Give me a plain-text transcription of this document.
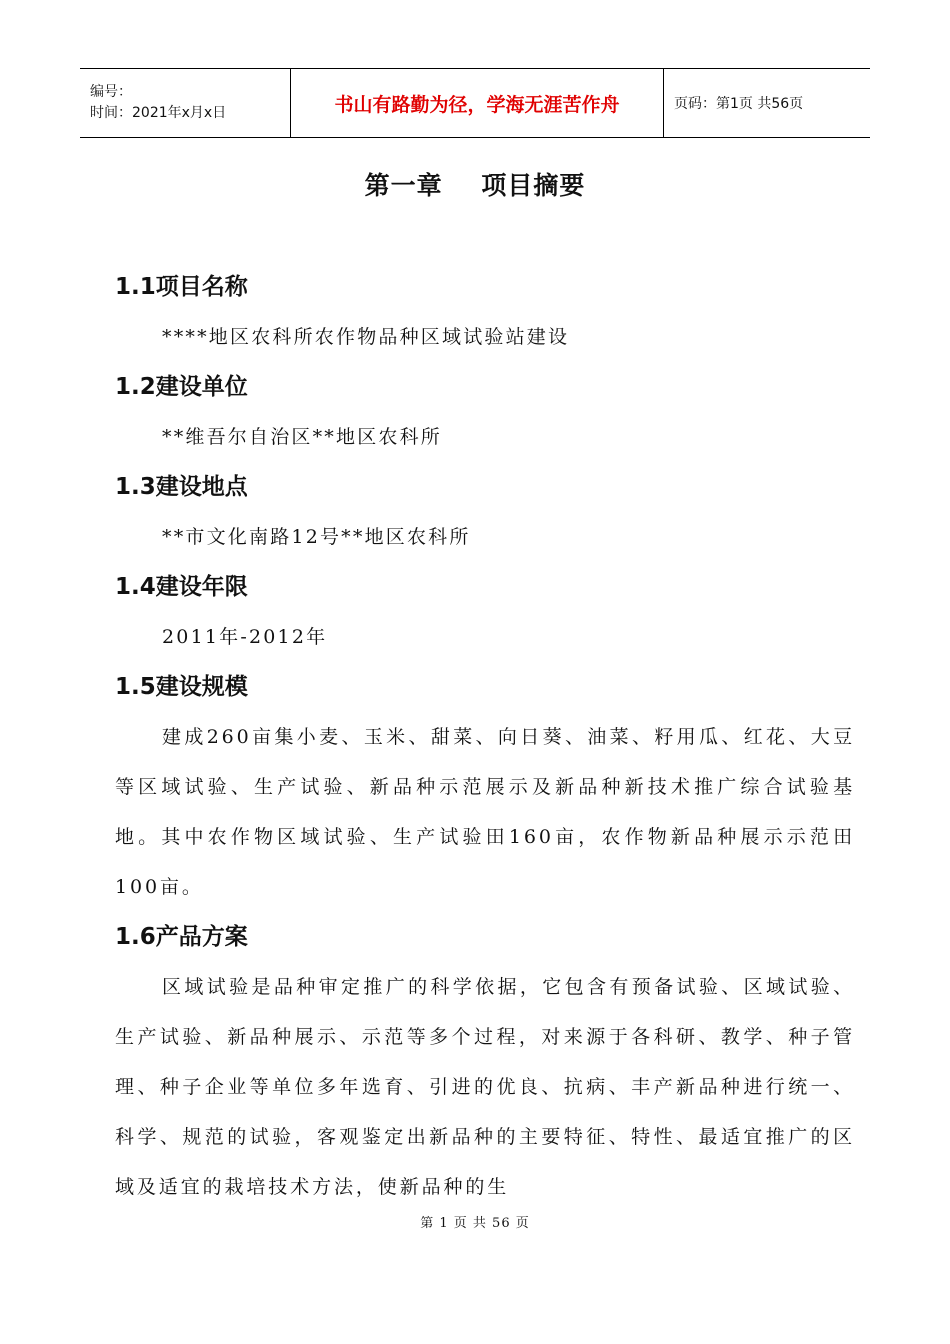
编号：
时间：2021年x月x日	书山有路勤为径，学海无涯苦作舟	页码：第1页 共56页
第一章    项目摘要
1.1项目名称
****地区农科所农作物品种区域试验站建设
1.2建设单位
**维吾尔自治区**地区农科所
1.3建设地点
**市文化南路12号**地区农科所
1.4建设年限
2011年-2012年
1.5建设规模

建成260亩集小麦、玉米、甜菜、向日葵、油菜、籽用瓜、红花、大豆等区域试验、生产试验、新品种示范展示及新品种新技术推广综合试验基地。其中农作物区域试验、生产试验田160亩，农作物新品种展示示范田100亩。

1.6产品方案

区域试验是品种审定推广的科学依据，它包含有预备试验、区域试验、生产试验、新品种展示、示范等多个过程，对来源于各科研、教学、种子管理、种子企业等单位多年选育、引进的优良、抗病、丰产新品种进行统一、科学、规范的试验，客观鉴定出新品种的主要特征、特性、最适宜推广的区域及适宜的栽培技术方法，使新品种的生

第 1 页 共 56 页
